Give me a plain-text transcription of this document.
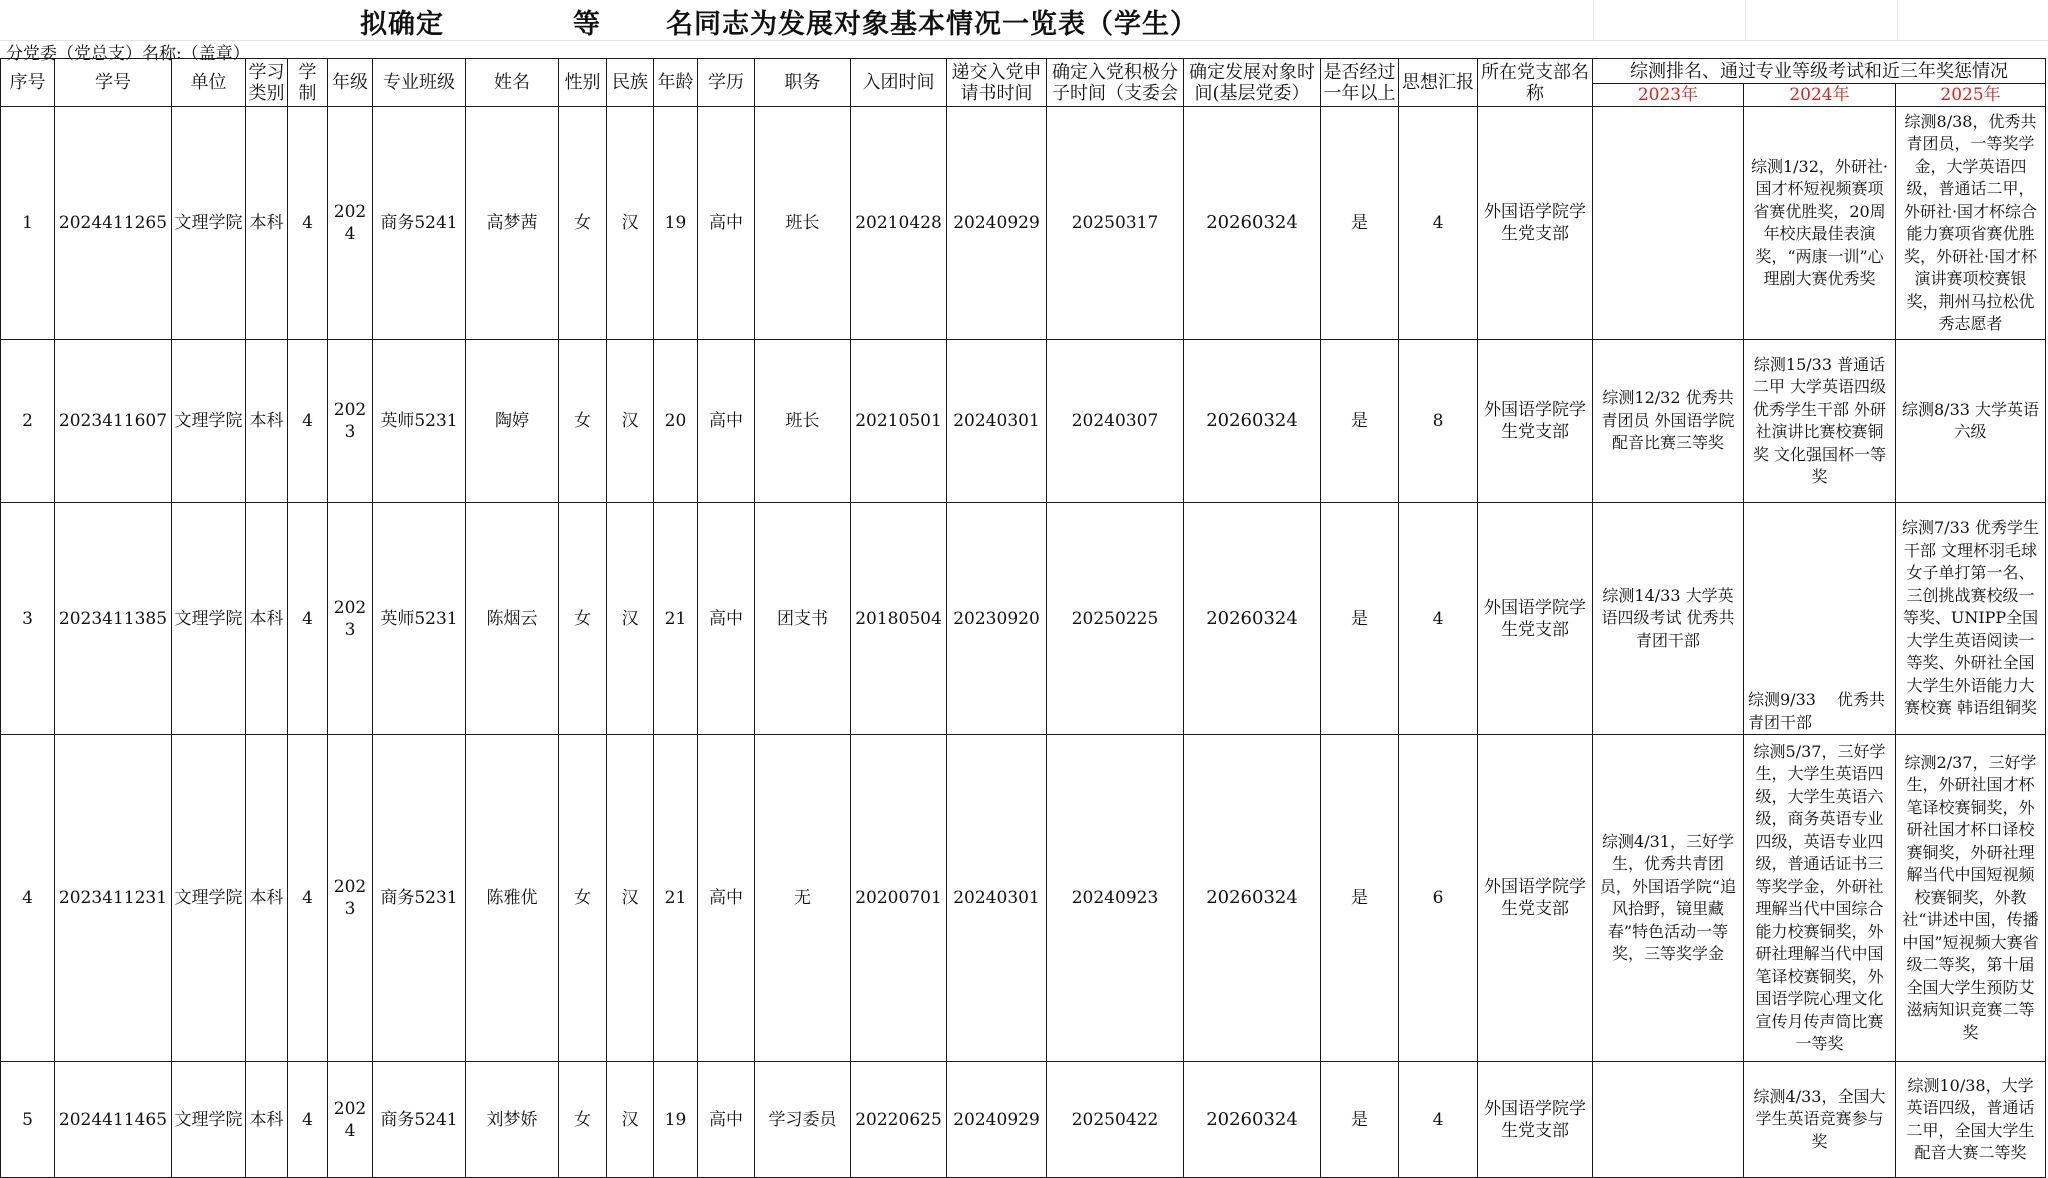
拟确定	等 名同志为发展对象基本情况一览表（学生）
分党委（党总支）名称:（盖章）
序号	学号	单位	学习类别	学制	年级	专业班级	姓名	性别	民族	年龄	学历	职务	入团时间	递交入党申请书时间	确定入党积极分子时间（支委会	确定发展对象时间(基层党委）	是否经过一年以上	思想汇报	所在党支部名称	综测排名、通过专业等级考试和近三年奖惩情况		
																				2023年	2024年	2025年
1	2024411265	文理学院	本科	4	2024	商务5241	高梦茜	女	汉	19	高中	班长	20210428	20240929	20250317	20260324	是	4	外国语学院学生党支部		综测1/32，外研社·国才杯短视频赛项省赛优胜奖，20周年校庆最佳表演奖，“两康一训”心理剧大赛优秀奖	综测8/38，优秀共青团员，一等奖学金，大学英语四级，普通话二甲，外研社·国才杯综合能力赛项省赛优胜奖，外研社·国才杯演讲赛项校赛银奖，荆州马拉松优秀志愿者
2	2023411607	文理学院	本科	4	2023	英师5231	陶婷	女	汉	20	高中	班长	20210501	20240301	20240307	20260324	是	8	外国语学院学生党支部	综测12/32 优秀共青团员 外国语学院配音比赛三等奖	综测15/33 普通话二甲 大学英语四级 优秀学生干部 外研社演讲比赛校赛铜奖 文化强国杯一等奖	综测8/33 大学英语六级
3	2023411385	文理学院	本科	4	2023	英师5231	陈烟云	女	汉	21	高中	团支书	20180504	20230920	20250225	20260324	是	4	外国语学院学生党支部	综测14/33 大学英语四级考试 优秀共青团干部	综测9/33　 优秀共青团干部	综测7/33 优秀学生干部 文理杯羽毛球女子单打第一名、三创挑战赛校级一等奖、UNIPP全国大学生英语阅读一等奖、外研社全国大学生外语能力大赛校赛 韩语组铜奖
4	2023411231	文理学院	本科	4	2023	商务5231	陈雅优	女	汉	21	高中	无	20200701	20240301	20240923	20260324	是	6	外国语学院学生党支部	综测4/31，三好学生，优秀共青团员，外国语学院“追风拾野，镜里藏春”特色活动一等奖，三等奖学金	综测5/37，三好学生，大学生英语四级，大学生英语六级，商务英语专业四级，英语专业四级，普通话证书三等奖学金，外研社理解当代中国综合能力校赛铜奖，外研社理解当代中国笔译校赛铜奖，外国语学院心理文化宣传月传声筒比赛一等奖	综测2/37，三好学生，外研社国才杯笔译校赛铜奖，外研社国才杯口译校赛铜奖，外研社理解当代中国短视频校赛铜奖，外教社“讲述中国，传播中国”短视频大赛省级二等奖，第十届全国大学生预防艾滋病知识竞赛二等奖
5	2024411465	文理学院	本科	4	2024	商务5241	刘梦娇	女	汉	19	高中	学习委员	20220625	20240929	20250422	20260324	是	4	外国语学院学生党支部		综测4/33，全国大学生英语竞赛参与奖	综测10/38，大学英语四级，普通话二甲，全国大学生配音大赛二等奖
